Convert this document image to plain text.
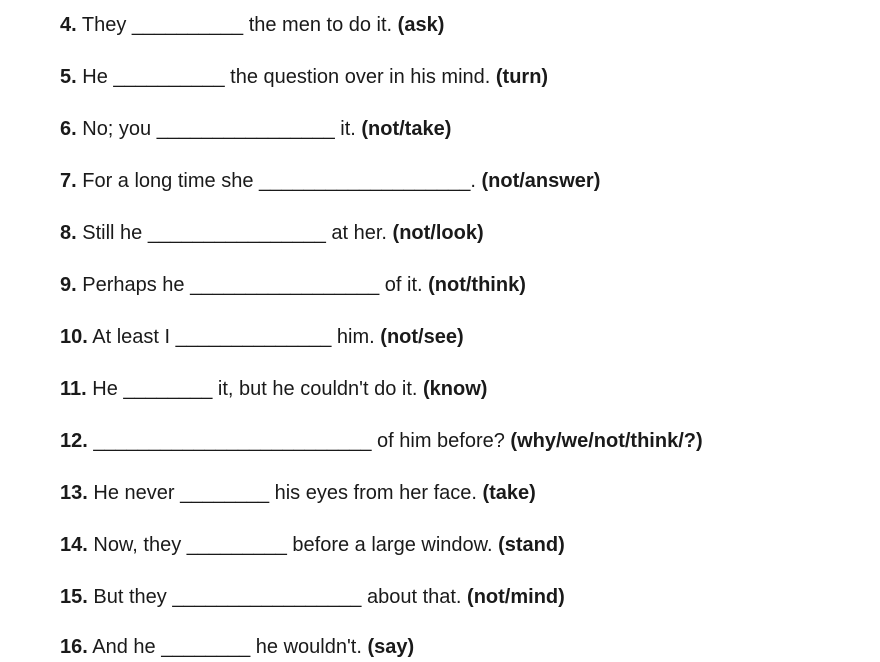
4. They __________ the men to do it. (ask)
5. He __________ the question over in his mind. (turn)
6. No; you ________________ it. (not/take)
7. For a long time she ___________________. (not/answer)
8. Still he ________________ at her. (not/look)
9. Perhaps he _________________ of it. (not/think)
10. At least I ______________ him. (not/see)
11. He ________ it, but he couldn't do it. (know)
12. _________________________ of him before? (why/we/not/think/?)
13. He never ________ his eyes from her face. (take)
14. Now, they _________ before a large window. (stand)
15. But they _________________ about that. (not/mind)
16. And he ________ he wouldn't. (say)
